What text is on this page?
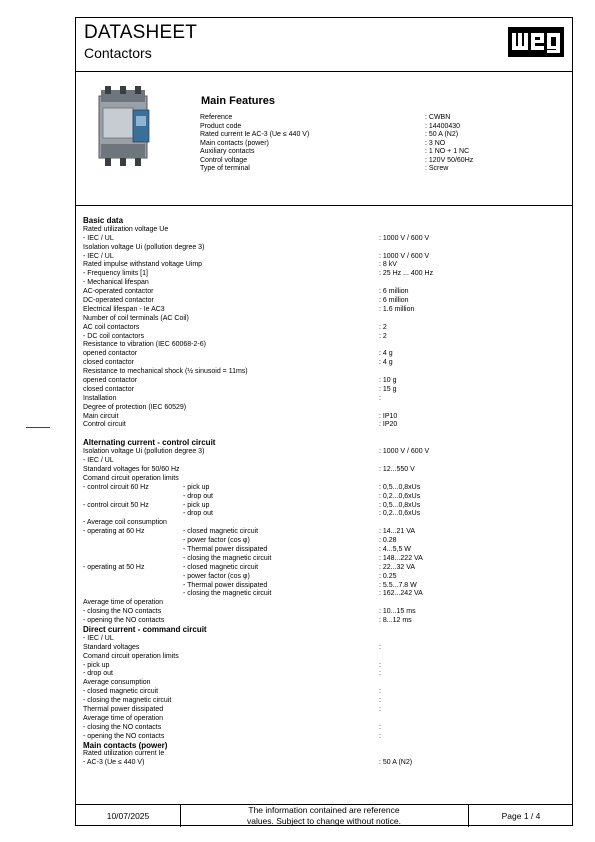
DATASHEET
Contactors
Main Features
Reference	: CWBN
Product code	: 14400430
Rated current Ie AC-3 (Ue ≤ 440 V)	: 50 A (N2)
Main contacts (power)	: 3 NO
Auxiliary contacts	: 1 NO + 1 NC
Control voltage	: 120V 50/60Hz
Type of terminal	: Screw
Basic data
Rated utilization voltage Ue
- IEC / UL	: 1000 V / 600 V
Isolation voltage Ui (pollution degree 3)
- IEC / UL	: 1000 V / 600 V
Rated impulse withstand voltage Uimp	: 8 kV
- Frequency limits [1]	: 25 Hz ... 400 Hz
- Mechanical lifespan
AC-operated contactor	: 6 million
DC-operated contactor	: 6 million
Electrical lifespan - Ie AC3	: 1.6 million
Number of coil terminals (AC Coil)
AC coil contactors	: 2
- DC coil contactors	: 2
Resistance to vibration (IEC 60068-2-6)
opened contactor	: 4 g
closed contactor	: 4 g
Resistance to mechanical shock (½ sinusoid = 11ms)
opened contactor	: 10 g
closed contactor	: 15 g
Installation	:
Degree of protection (IEC 60529)
Main circuit	: IP10
Control circuit	: IP20
Alternating current - control circuit
Isolation voltage Ui (pollution degree 3)	: 1000 V / 600 V
- IEC / UL
Standard voltages for 50/60 Hz	: 12...550 V
Comand circuit operation limits
- control circuit 60 Hz	- pick up	: 0,5...0,8xUs
- drop out	: 0,2...0,6xUs
- control circuit 50 Hz	- pick up	: 0,5...0,8xUs
- drop out	: 0,2...0,6xUs
- Average coil consumption
- operating at 60 Hz	- closed magnetic circuit	: 14...21 VA
- power factor (cos φ)	: 0.28
- Thermal power dissipated	: 4...5,5 W
- closing the magnetic circuit	: 148...222 VA
- operating at 50 Hz	- closed magnetic circuit	: 22...32 VA
- power factor (cos φ)	: 0.25
- Thermal power dissipated	: 5.5...7.8 W
- closing the magnetic circuit	: 162...242 VA
Average time of operation
- closing the NO contacts	: 10...15 ms
- opening the NO contacts	: 8...12 ms
Direct current - command circuit
- IEC / UL
Standard voltages	:
Comand circuit operation limits
- pick up	:
- drop out	:
Average consumption
- closed magnetic circuit	:
- closing the magnetic circuit	:
Thermal power dissipated	:
Average time of operation
- closing the NO contacts	:
- opening the NO contacts	:
Main contacts (power)
Rated utilization current Ie
- AC-3 (Ue ≤ 440 V)	: 50 A (N2)
10/07/2025
The information contained are reference
values. Subject to change without notice.	Page 1 / 4
